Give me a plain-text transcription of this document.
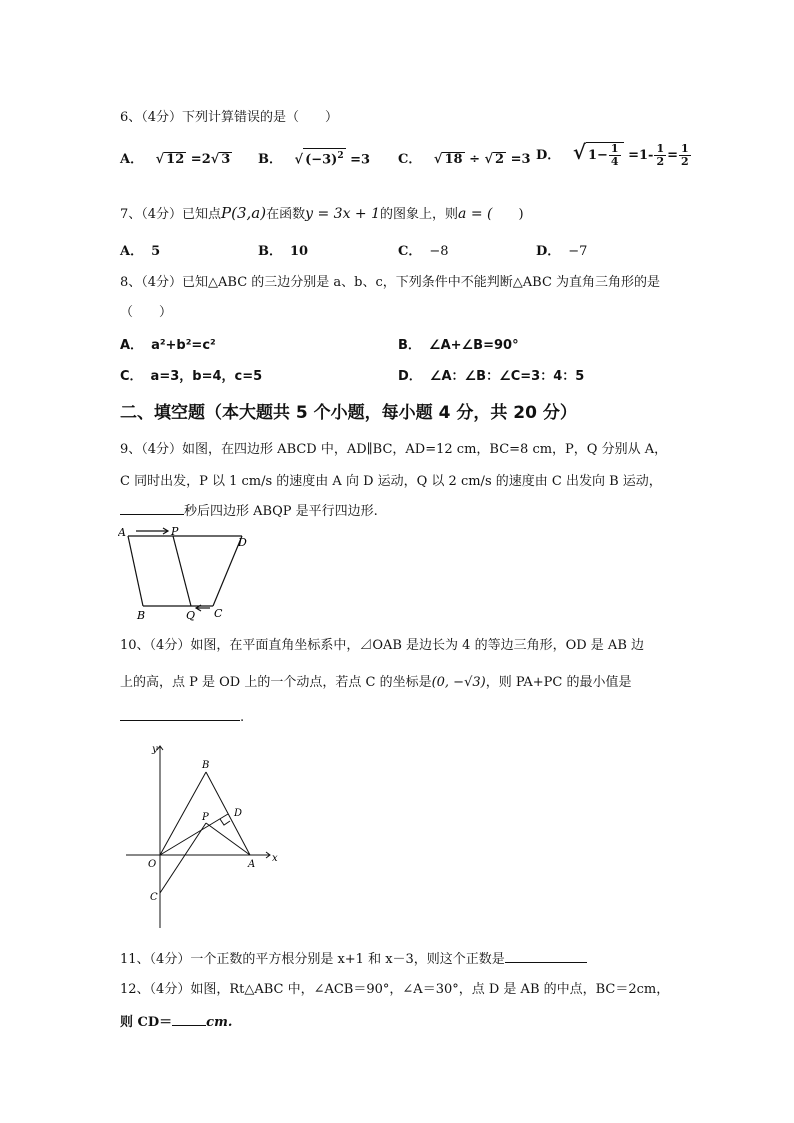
6、（4分）下列计算错误的是（　　）
A． √ 12 =2√ 3 B． √ $(-3)^2 =3$ C． √ 18 ÷ √ 2 =3 D． √ $1- \frac{1}{4} =1- \frac{1}{2} = \frac{1}{2}$
7、（4分）已知点P(3,a)在函数y = 3x + 1的图象上，则a = (　　)
A． 5	B． 10	C． −8	D． −7
8、（4分）已知△ABC 的三边分别是 a、b、c，下列条件中不能判断△ABC 为直角三角形的是
（　　）
A． a²+b²=c²	B． ∠A+∠B=90°
C． a=3，b=4，c=5	D． ∠A：∠B：∠C=3：4：5
二、填空题（本大题共 5 个小题，每小题 4 分，共 20 分）
9、（4分）如图，在四边形 ABCD 中，AD∥BC，AD=12 cm，BC=8 cm，P，Q 分别从 A，
C 同时出发，P 以 1 cm/s 的速度由 A 向 D 运动，Q 以 2 cm/s 的速度由 C 出发向 B 运动，
秒后四边形 ABQP 是平行四边形.
A	P
D
B	Q C
10、（4分）如图，在平面直角坐标系中，⊿OAB 是边长为 4 的等边三角形，OD 是 AB 边
上的高，点 P 是 OD 上的一个动点，若点 C 的坐标是(0, −√3)，则 PA+PC 的最小值是
.
y
x
B
D
P
O	A
C
11、（4分）一个正数的平方根分别是 x+1 和 x－3，则这个正数是
12、（4分）如图，Rt△ABC 中，∠ACB＝90°，∠A＝30°，点 D 是 AB 的中点，BC＝2cm，
则 CD＝	cm.
